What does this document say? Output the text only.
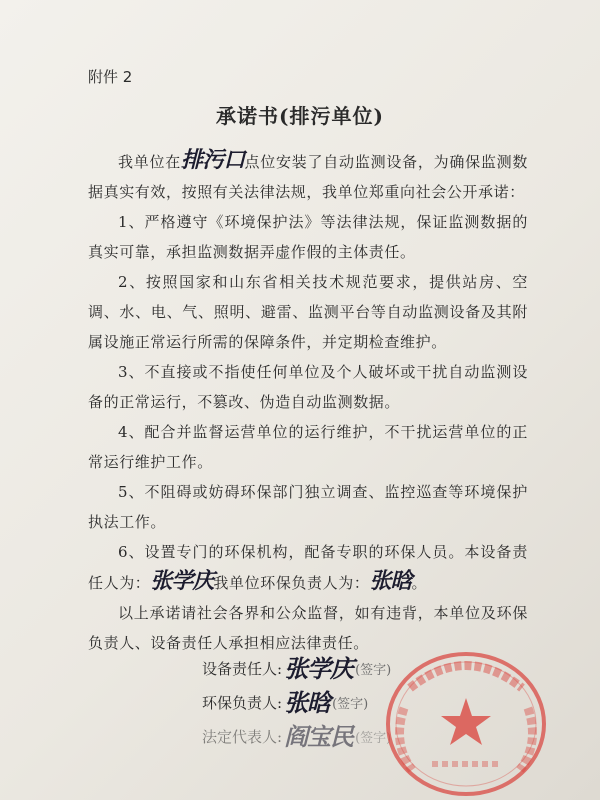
附件 2
承诺书(排污单位)

我单位在排污口点位安装了自动监测设备，为确保监测数据真实有效，按照有关法律法规，我单位郑重向社会公开承诺：

1、严格遵守《环境保护法》等法律法规，保证监测数据的真实可靠，承担监测数据弄虚作假的主体责任。

2、按照国家和山东省相关技术规范要求，提供站房、空调、水、电、气、照明、避雷、监测平台等自动监测设备及其附属设施正常运行所需的保障条件，并定期检查维护。

3、不直接或不指使任何单位及个人破坏或干扰自动监测设备的正常运行，不篡改、伪造自动监测数据。

4、配合并监督运营单位的运行维护，不干扰运营单位的正常运行维护工作。

5、不阻碍或妨碍环保部门独立调查、监控巡查等环境保护执法工作。

6、设置专门的环保机构，配备专职的环保人员。本设备责任人为：张学庆我单位环保负责人为：张晗。

以上承诺请社会各界和公众监督，如有违背，本单位及环保负责人、设备责任人承担相应法律责任。

设备责任人:张学庆 (签字)
环保负责人:张晗 (签字)
法定代表人:阎宝民 (签字)
